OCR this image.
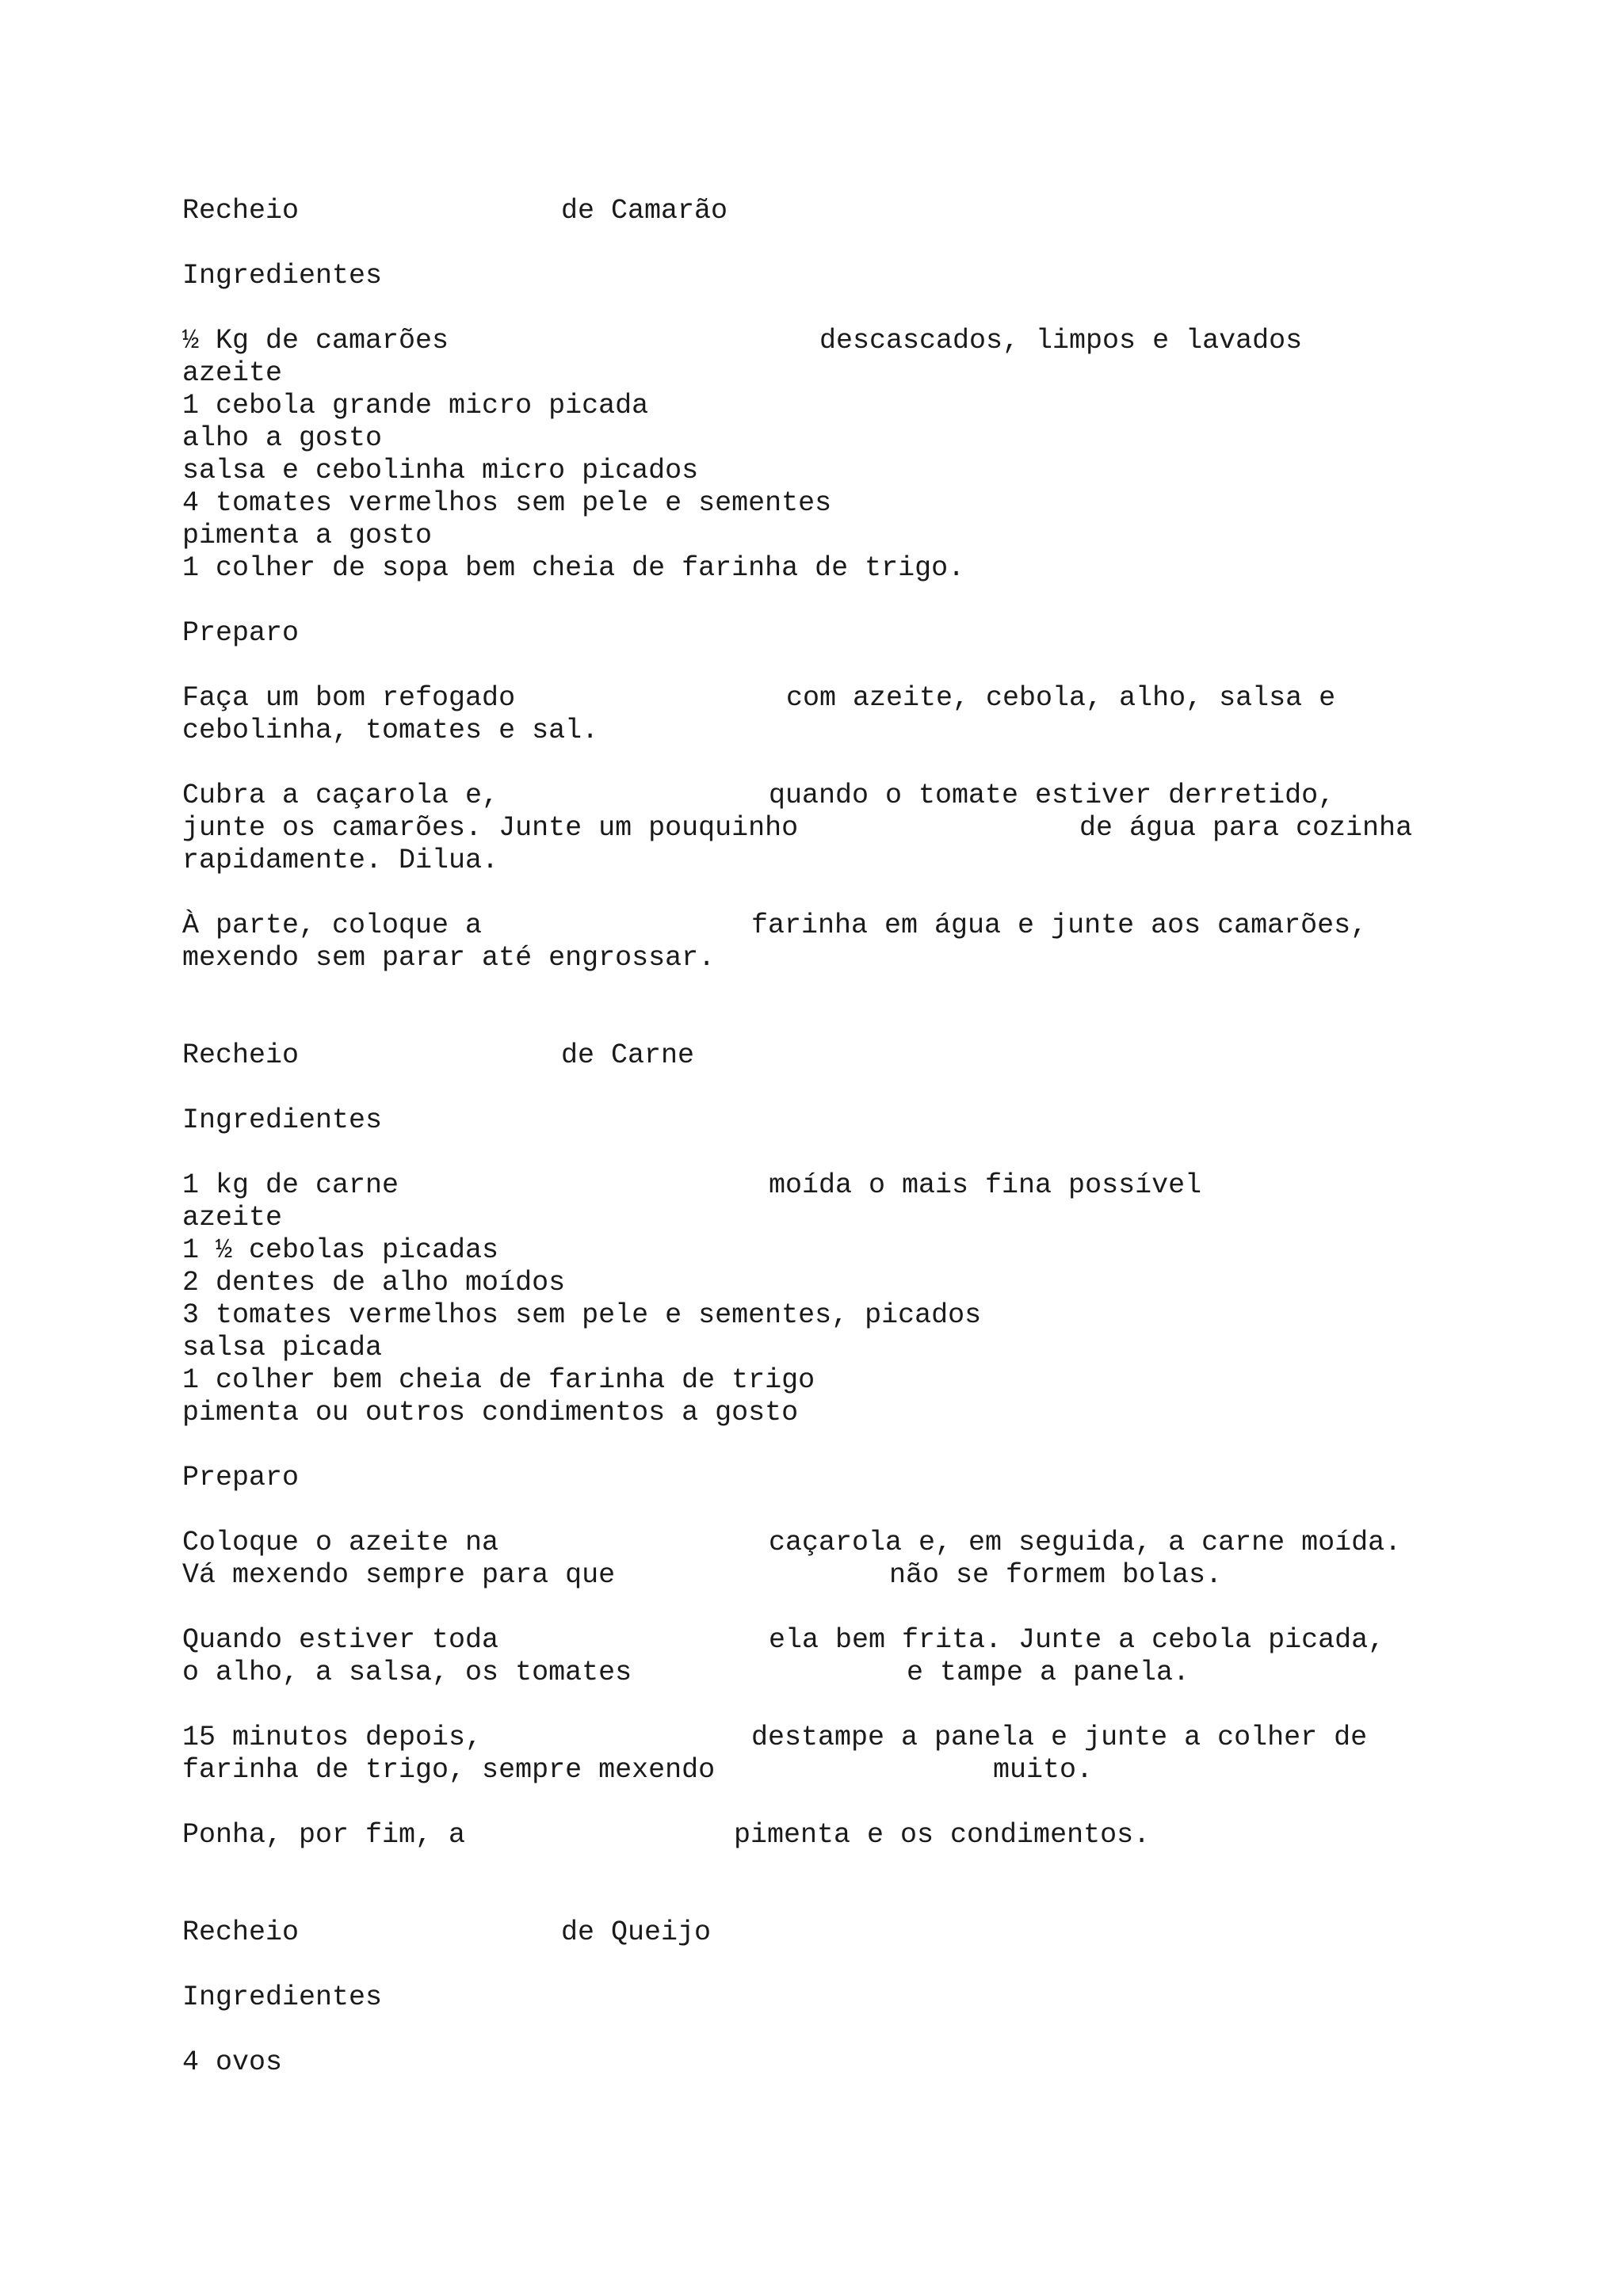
Recheio	de Camarão

Ingredientes

½ Kg de camarões	descascados, limpos e lavados

azeite

1 cebola grande micro picada

alho a gosto

salsa e cebolinha micro picados

4 tomates vermelhos sem pele e sementes

pimenta a gosto

1 colher de sopa bem cheia de farinha de trigo.

Preparo

Faça um bom refogado	com azeite, cebola, alho, salsa e

cebolinha, tomates e sal.

Cubra a caçarola e,	quando o tomate estiver derretido,

junte os camarões. Junte um pouquinho	de água para cozinha

rapidamente. Dilua.

À parte, coloque a	farinha em água e junte aos camarões,

mexendo sem parar até engrossar.

Recheio	de Carne

Ingredientes

1 kg de carne	moída o mais fina possível

azeite

1 ½ cebolas picadas

2 dentes de alho moídos

3 tomates vermelhos sem pele e sementes, picados

salsa picada

1 colher bem cheia de farinha de trigo

pimenta ou outros condimentos a gosto

Preparo

Coloque o azeite na	caçarola e, em seguida, a carne moída.

Vá mexendo sempre para que	não se formem bolas.

Quando estiver toda	ela bem frita. Junte a cebola picada,

o alho, a salsa, os tomates	e tampe a panela.

15 minutos depois,	destampe a panela e junte a colher de

farinha de trigo, sempre mexendo	muito.

Ponha, por fim, a	pimenta e os condimentos.

Recheio	de Queijo

Ingredientes

4 ovos
